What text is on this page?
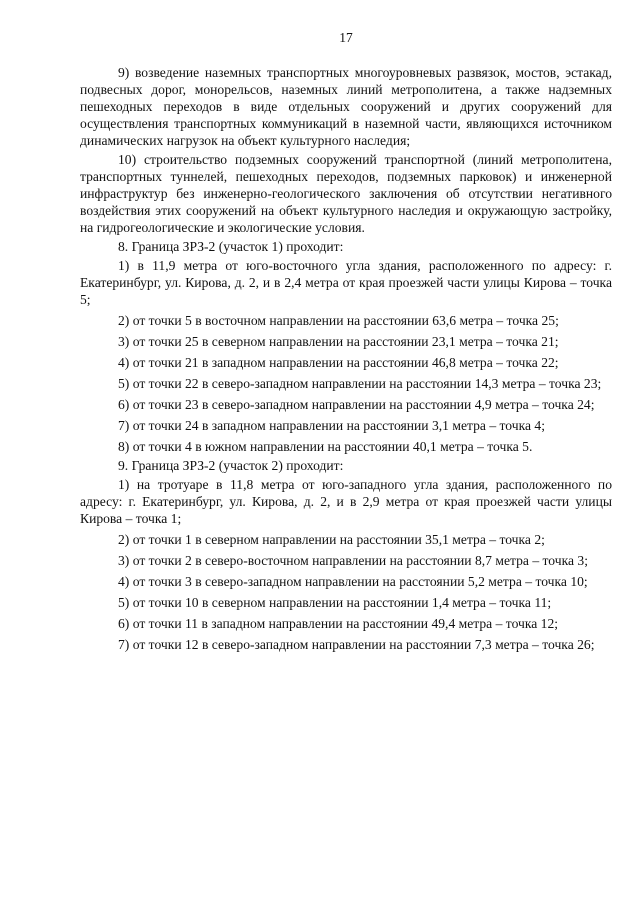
17

9) возведение наземных транспортных многоуровневых развязок, мостов, эстакад, подвесных дорог, монорельсов, наземных линий метрополитена, а также надземных пешеходных переходов в виде отдельных сооружений и других сооружений для осуществления транспортных коммуникаций в наземной части, являющихся источником динамических нагрузок на объект культурного наследия;

10) строительство подземных сооружений транспортной (линий метрополитена, транспортных туннелей, пешеходных переходов, подземных парковок) и инженерной инфраструктур без инженерно-геологического заключения об отсутствии негативного воздействия этих сооружений на объект культурного наследия и окружающую застройку, на гидрогеологические и экологические условия.

8. Граница ЗРЗ-2 (участок 1) проходит:

1) в 11,9 метра от юго-восточного угла здания, расположенного по адресу: г. Екатеринбург, ул. Кирова, д. 2, и в 2,4 метра от края проезжей части улицы Кирова – точка 5;

2) от точки 5 в восточном направлении на расстоянии 63,6 метра – точка 25;

3) от точки 25 в северном направлении на расстоянии 23,1 метра – точка 21;

4) от точки 21 в западном направлении на расстоянии 46,8 метра – точка 22;

5) от точки 22 в северо-западном направлении на расстоянии 14,3 метра – точка 23;

6) от точки 23 в северо-западном направлении на расстоянии 4,9 метра – точка 24;

7) от точки 24 в западном направлении на расстоянии 3,1 метра – точка 4;

8) от точки 4 в южном направлении на расстоянии 40,1 метра – точка 5.

9. Граница ЗРЗ-2 (участок 2) проходит:

1) на тротуаре в 11,8 метра от юго-западного угла здания, расположенного по адресу: г. Екатеринбург, ул. Кирова, д. 2, и в 2,9 метра от края проезжей части улицы Кирова – точка 1;

2) от точки 1 в северном направлении на расстоянии 35,1 метра – точка 2;

3) от точки 2 в северо-восточном направлении на расстоянии 8,7 метра – точка 3;

4) от точки 3 в северо-западном направлении на расстоянии 5,2 метра – точка 10;

5) от точки 10 в северном направлении на расстоянии 1,4 метра – точка 11;

6) от точки 11 в западном направлении на расстоянии 49,4 метра – точка 12;

7) от точки 12 в северо-западном направлении на расстоянии 7,3 метра – точка 26;
